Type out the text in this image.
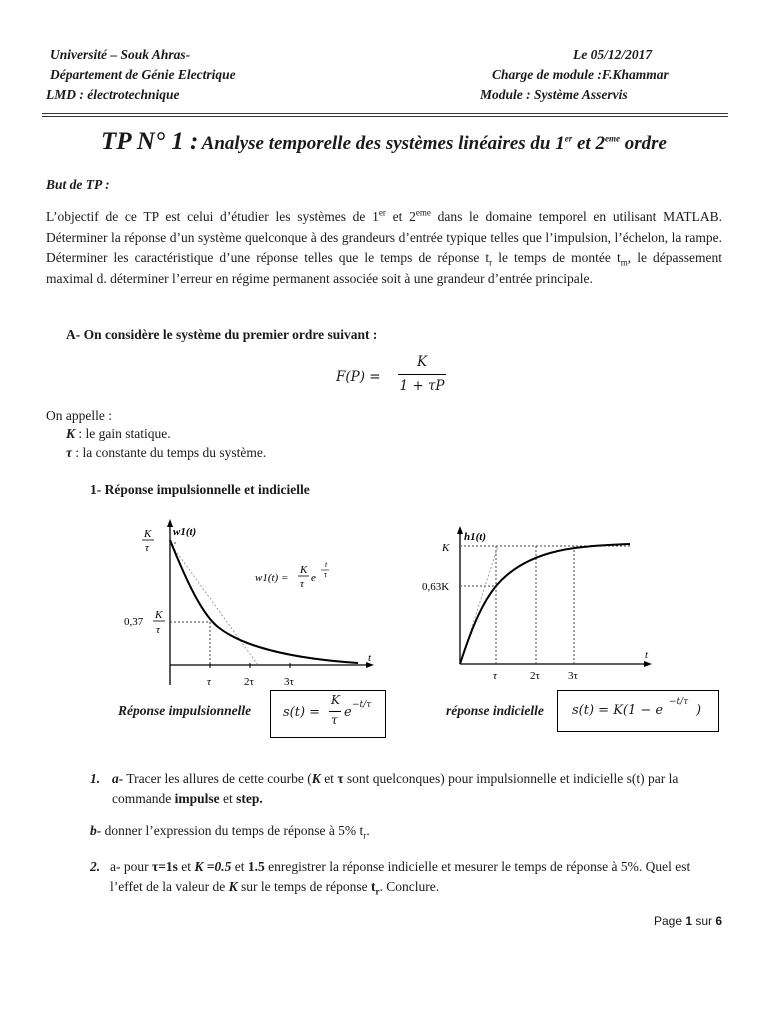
Université – Souk Ahras-
Département de Génie Electrique
LMD : électrotechnique
Le 05/12/2017
Charge de module :F.Khammar
Module : Système Asservis
TP N° 1 : Analyse temporelle des systèmes linéaires du 1er et 2eme ordre
But de TP :
L’objectif de ce TP est celui d’étudier les systèmes de 1er et 2eme dans le domaine temporel en utilisant MATLAB. Déterminer la réponse d’un système quelconque à des grandeurs d’entrée typique telles que l’impulsion, l’échelon, la rampe. Déterminer les caractéristique d’une réponse telles que le temps de réponse $t_r$ le temps de montée $t_m$, le dépassement maximal d. déterminer l’erreur en régime permanent associée soit à une grandeur d’entrée principale.
A- On considère le système du premier ordre suivant :
F(P) =
K
1 + τP
On appelle :
K : le gain statique.
τ : la constante du temps du système.
1- Réponse impulsionnelle et indicielle
τ	2τ	3τ
t
w1(t)
K
τ
0,37
K
τ
w1(t) =
K
τ e
t
τ
τ	2τ	3τ
t
h1(t)
K
0,63K
Réponse impulsionnelle s(t) =
K
τ e −t/τ	réponse indicielle s(t) = K(1 − e
−t/τ
)
1. a- Tracer les allures de cette courbe (K et τ sont quelconques) pour impulsionnelle et indicielle s(t) par la commande impulse et step.
b- donner l’expression du temps de réponse à 5% $t_r$.
2. a- pour τ=1s et K =0.5 et 1.5 enregistrer la réponse indicielle et mesurer le temps de réponse à 5%. Quel est l’effet de la valeur de K sur le temps de réponse $t_r$. Conclure.
Page 1 sur 6
